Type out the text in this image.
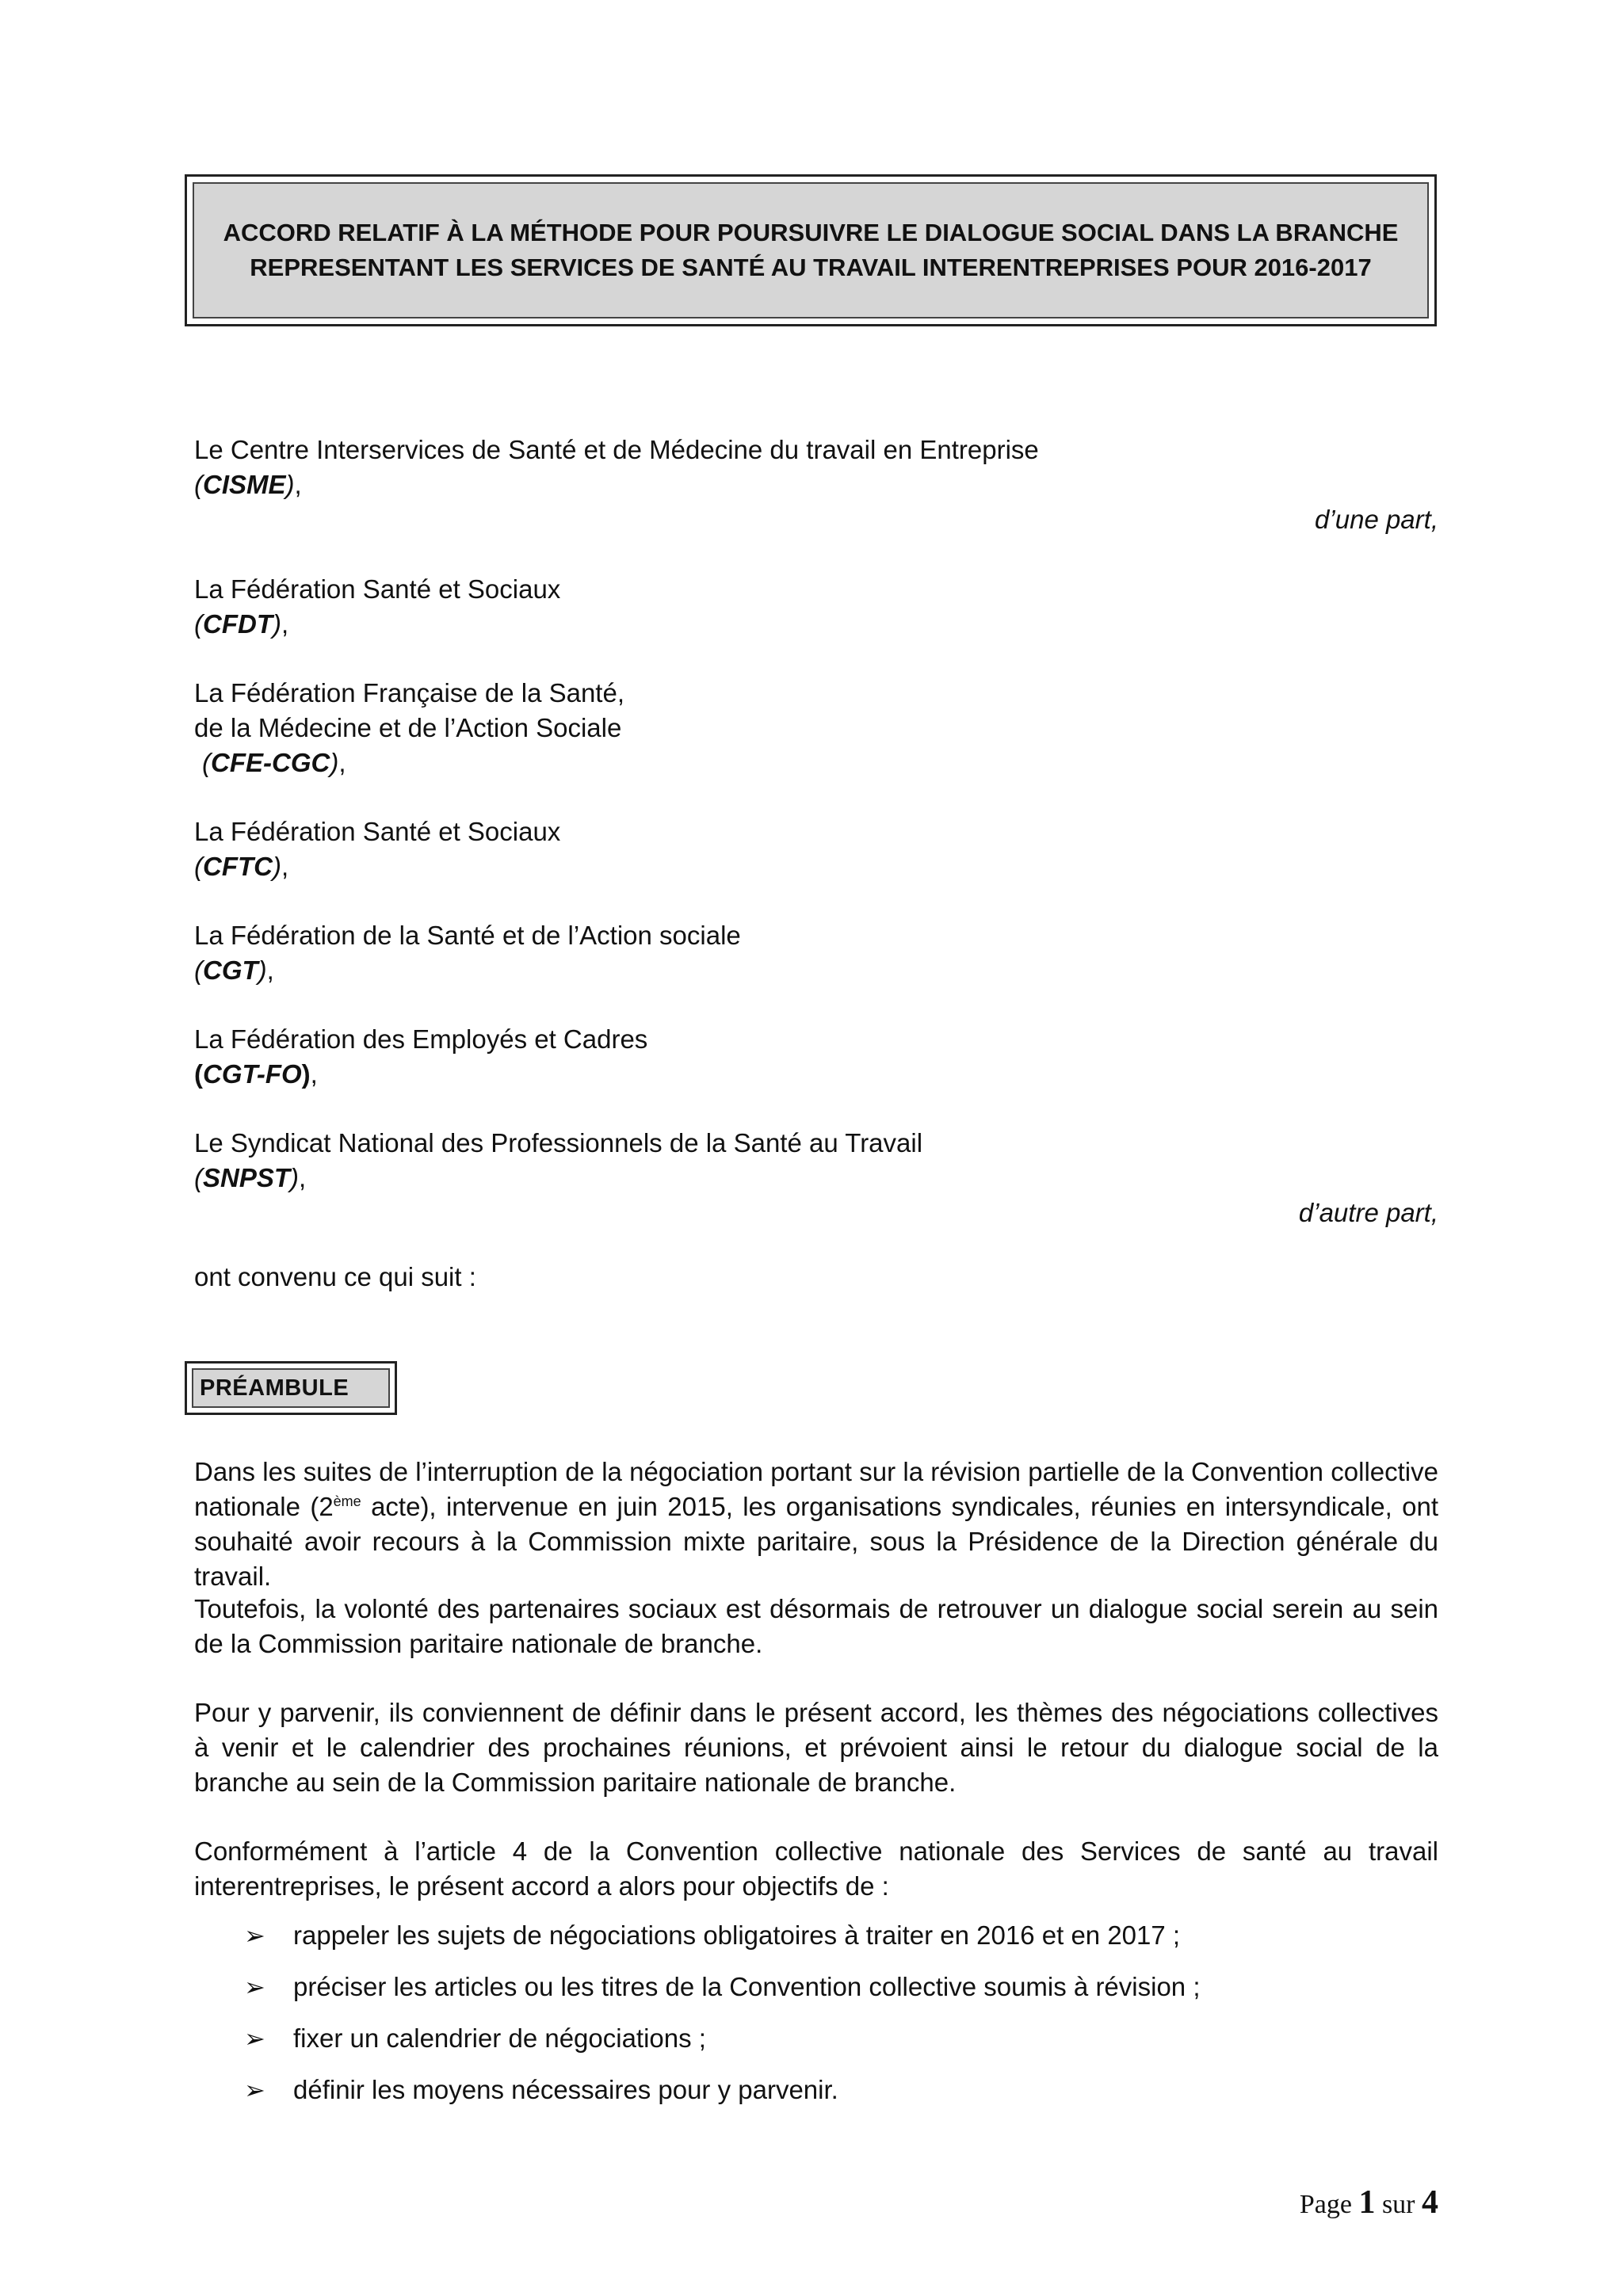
ACCORD RELATIF À LA MÉTHODE POUR POURSUIVRE LE DIALOGUE SOCIAL DANS LA BRANCHE
REPRESENTANT LES SERVICES DE SANTÉ AU TRAVAIL INTERENTREPRISES POUR 2016-2017
Le Centre Interservices de Santé et de Médecine du travail en Entreprise
(CISME),
d’une part,
La Fédération Santé et Sociaux
(CFDT),
La Fédération Française de la Santé,
de la Médecine et de l’Action Sociale
(CFE-CGC),
La Fédération Santé et Sociaux
(CFTC),
La Fédération de la Santé et de l’Action sociale
(CGT),
La Fédération des Employés et Cadres
(CGT-FO),
Le Syndicat National des Professionnels de la Santé au Travail
(SNPST),
d’autre part,
ont convenu ce qui suit :
PRÉAMBULE
Dans les suites de l’interruption de la négociation portant sur la révision partielle de la Convention collective nationale (2ème acte), intervenue en juin 2015, les organisations syndicales, réunies en intersyndicale, ont souhaité avoir recours à la Commission mixte paritaire, sous la Présidence de la Direction générale du travail.
Toutefois, la volonté des partenaires sociaux est désormais de retrouver un dialogue social serein au sein de la Commission paritaire nationale de branche.
Pour y parvenir, ils conviennent de définir dans le présent accord, les thèmes des négociations collectives à venir et le calendrier des prochaines réunions, et prévoient ainsi le retour du dialogue social de la branche au sein de la Commission paritaire nationale de branche.
Conformément à l’article 4 de la Convention collective nationale des Services de santé au travail interentreprises, le présent accord a alors pour objectifs de :
➢	rappeler les sujets de négociations obligatoires à traiter en 2016 et en 2017 ;
➢	préciser les articles ou les titres de la Convention collective soumis à révision ;
➢	fixer un calendrier de négociations ;
➢	définir les moyens nécessaires pour y parvenir.
Page 1 sur 4
